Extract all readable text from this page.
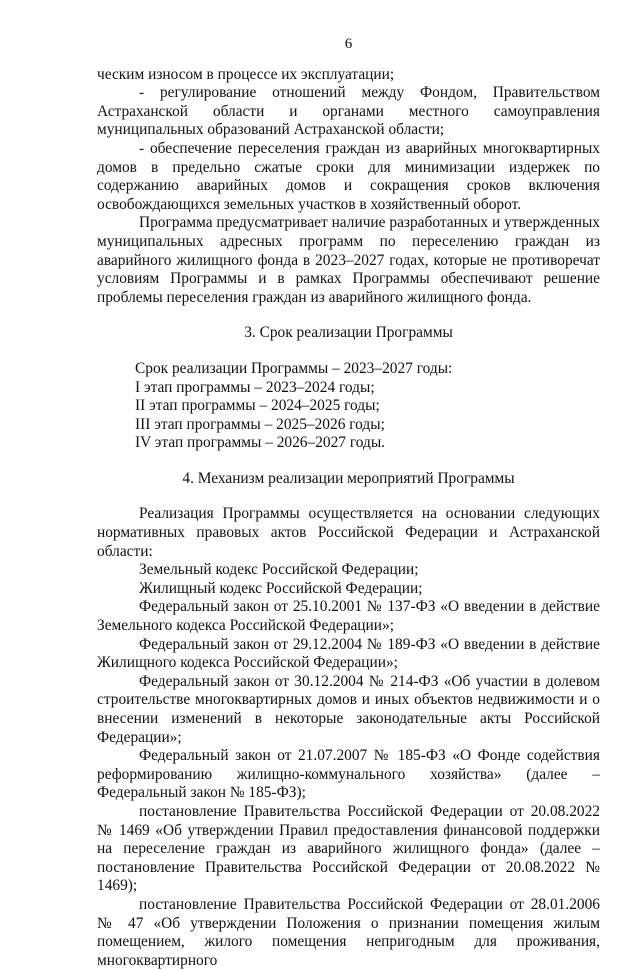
6

ческим износом в процессе их эксплуатации;

- регулирование отношений между Фондом, Правительством Астраханской области и органами местного самоуправления муниципальных образований Астраханской области;

- обеспечение переселения граждан из аварийных многоквартирных домов в предельно сжатые сроки для минимизации издержек по содержанию аварийных домов и сокращения сроков включения освобождающихся земельных участков в хозяйственный оборот.

Программа предусматривает наличие разработанных и утвержденных муниципальных адресных программ по переселению граждан из аварийного жилищного фонда в 2023–2027 годах, которые не противоречат условиям Программы и в рамках Программы обеспечивают решение проблемы переселения граждан из аварийного жилищного фонда.

3. Срок реализации Программы

Срок реализации Программы – 2023–2027 годы:

I этап программы – 2023–2024 годы;

II этап программы – 2024–2025 годы;

III этап программы – 2025–2026 годы;

IV этап программы – 2026–2027 годы.

4. Механизм реализации мероприятий Программы

Реализация Программы осуществляется на основании следующих нормативных правовых актов Российской Федерации и Астраханской области:

Земельный кодекс Российской Федерации;

Жилищный кодекс Российской Федерации;

Федеральный закон от 25.10.2001 № 137-ФЗ «О введении в действие Земельного кодекса Российской Федерации»;

Федеральный закон от 29.12.2004 № 189-ФЗ «О введении в действие Жилищного кодекса Российской Федерации»;

Федеральный закон от 30.12.2004 № 214-ФЗ «Об участии в долевом строительстве многоквартирных домов и иных объектов недвижимости и о внесении изменений в некоторые законодательные акты Российской Федерации»;

Федеральный закон от 21.07.2007 № 185-ФЗ «О Фонде содействия реформированию жилищно-коммунального хозяйства» (далее – Федеральный закон № 185-ФЗ);

постановление Правительства Российской Федерации от 20.08.2022 № 1469 «Об утверждении Правил предоставления финансовой поддержки на переселение граждан из аварийного жилищного фонда» (далее – постановление Правительства Российской Федерации от 20.08.2022 № 1469);

постановление Правительства Российской Федерации от 28.01.2006 № 47 «Об утверждении Положения о признании помещения жилым помещением, жилого помещения непригодным для проживания, многоквартирного
